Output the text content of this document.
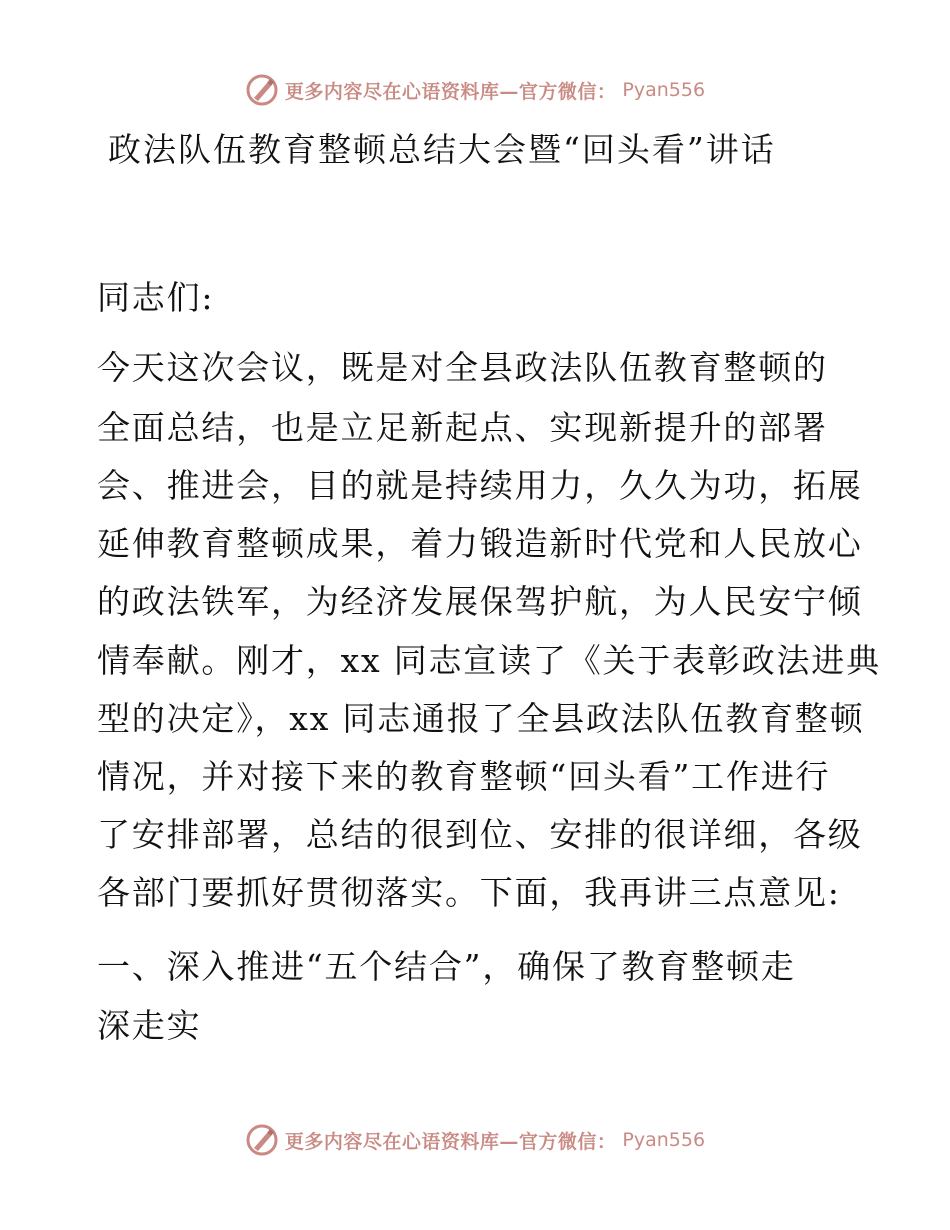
更多内容尽在心语资料库—官方微信： Pyan556
政法队伍教育整顿总结大会暨“回头看”讲话
同志们:
今天这次会议，既是对全县政法队伍教育整顿的
全面总结，也是立足新起点、实现新提升的部署
会、推进会，目的就是持续用力，久久为功，拓展
延伸教育整顿成果，着力锻造新时代党和人民放心
的政法铁军，为经济发展保驾护航，为人民安宁倾
情奉献。刚才，xx 同志宣读了《关于表彰政法进典
型的决定》，xx 同志通报了全县政法队伍教育整顿
情况，并对接下来的教育整顿“回头看”工作进行
了安排部署，总结的很到位、安排的很详细，各级
各部门要抓好贯彻落实。下面，我再讲三点意见:
一、深入推进“五个结合”，确保了教育整顿走
深走实
更多内容尽在心语资料库—官方微信： Pyan556
